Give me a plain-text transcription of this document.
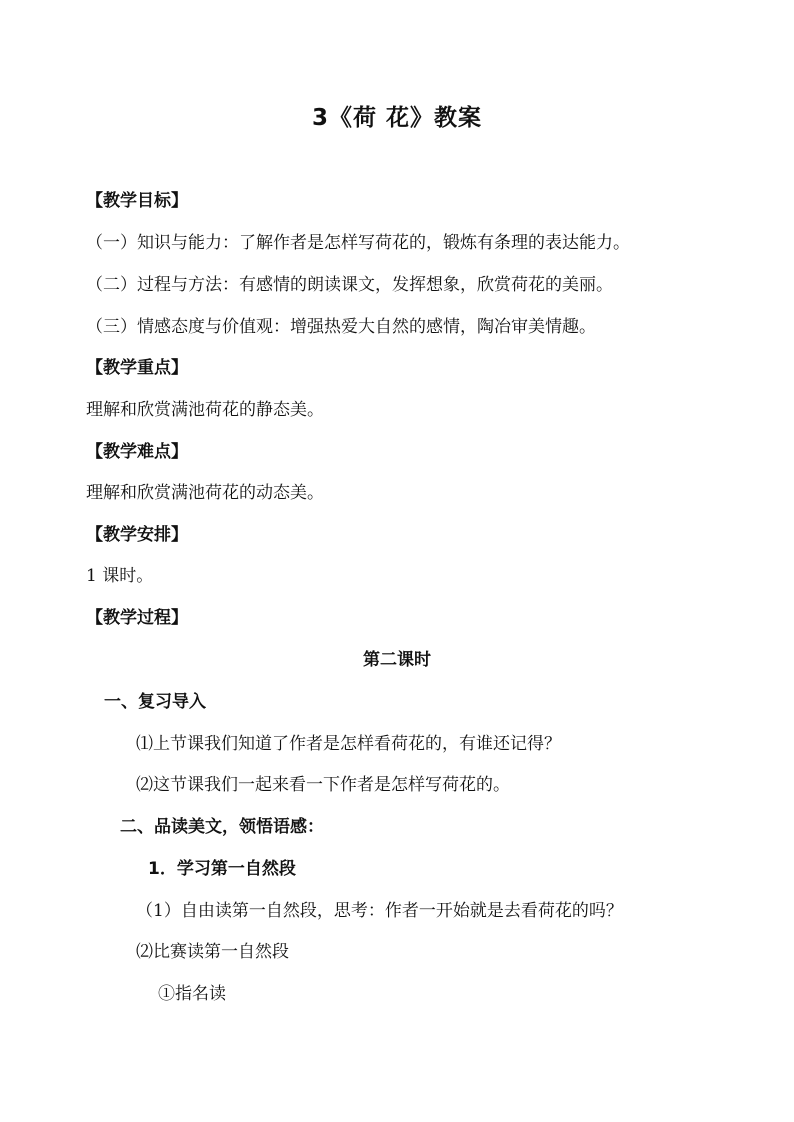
3《荷 花》教案
【教学目标】
（一）知识与能力：了解作者是怎样写荷花的，锻炼有条理的表达能力。
（二）过程与方法：有感情的朗读课文，发挥想象，欣赏荷花的美丽。
（三）情感态度与价值观：增强热爱大自然的感情，陶冶审美情趣。
【教学重点】
理解和欣赏满池荷花的静态美。
【教学难点】
理解和欣赏满池荷花的动态美。
【教学安排】
1 课时。
【教学过程】
第二课时
一、复习导入
⑴上节课我们知道了作者是怎样看荷花的，有谁还记得？
⑵这节课我们一起来看一下作者是怎样写荷花的。
二、品读美文，领悟语感：
1．学习第一自然段
（1）自由读第一自然段，思考：作者一开始就是去看荷花的吗？
⑵比赛读第一自然段
①指名读
